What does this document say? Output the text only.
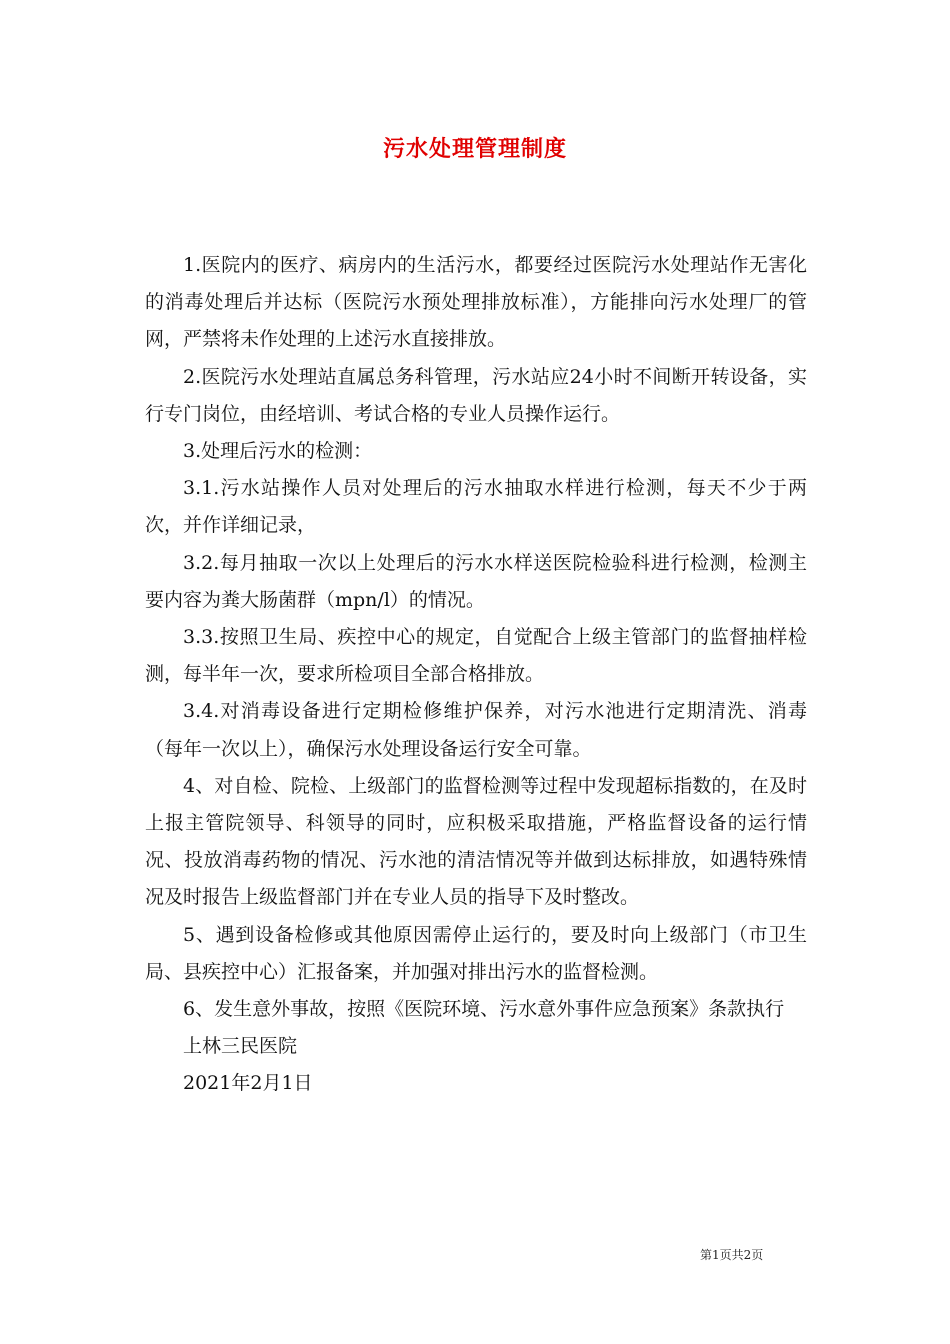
污水处理管理制度

1.医院内的医疗、病房内的生活污水，都要经过医院污水处理站作无害化的消毒处理后并达标（医院污水预处理排放标准），方能排向污水处理厂的管网，严禁将未作处理的上述污水直接排放。

2.医院污水处理站直属总务科管理，污水站应24小时不间断开转设备，实行专门岗位，由经培训、考试合格的专业人员操作运行。

3.处理后污水的检测：

3.1.污水站操作人员对处理后的污水抽取水样进行检测，每天不少于两次，并作详细记录，

3.2.每月抽取一次以上处理后的污水水样送医院检验科进行检测，检测主要内容为粪大肠菌群（mpn/l）的情况。

3.3.按照卫生局、疾控中心的规定，自觉配合上级主管部门的监督抽样检测，每半年一次，要求所检项目全部合格排放。

3.4.对消毒设备进行定期检修维护保养，对污水池进行定期清洗、消毒（每年一次以上），确保污水处理设备运行安全可靠。

4、对自检、院检、上级部门的监督检测等过程中发现超标指数的，在及时上报主管院领导、科领导的同时，应积极采取措施，严格监督设备的运行情况、投放消毒药物的情况、污水池的清洁情况等并做到达标排放，如遇特殊情况及时报告上级监督部门并在专业人员的指导下及时整改。

5、遇到设备检修或其他原因需停止运行的，要及时向上级部门（市卫生局、县疾控中心）汇报备案，并加强对排出污水的监督检测。

6、发生意外事故，按照《医院环境、污水意外事件应急预案》条款执行

上林三民医院

2021年2月1日

第1页共2页
